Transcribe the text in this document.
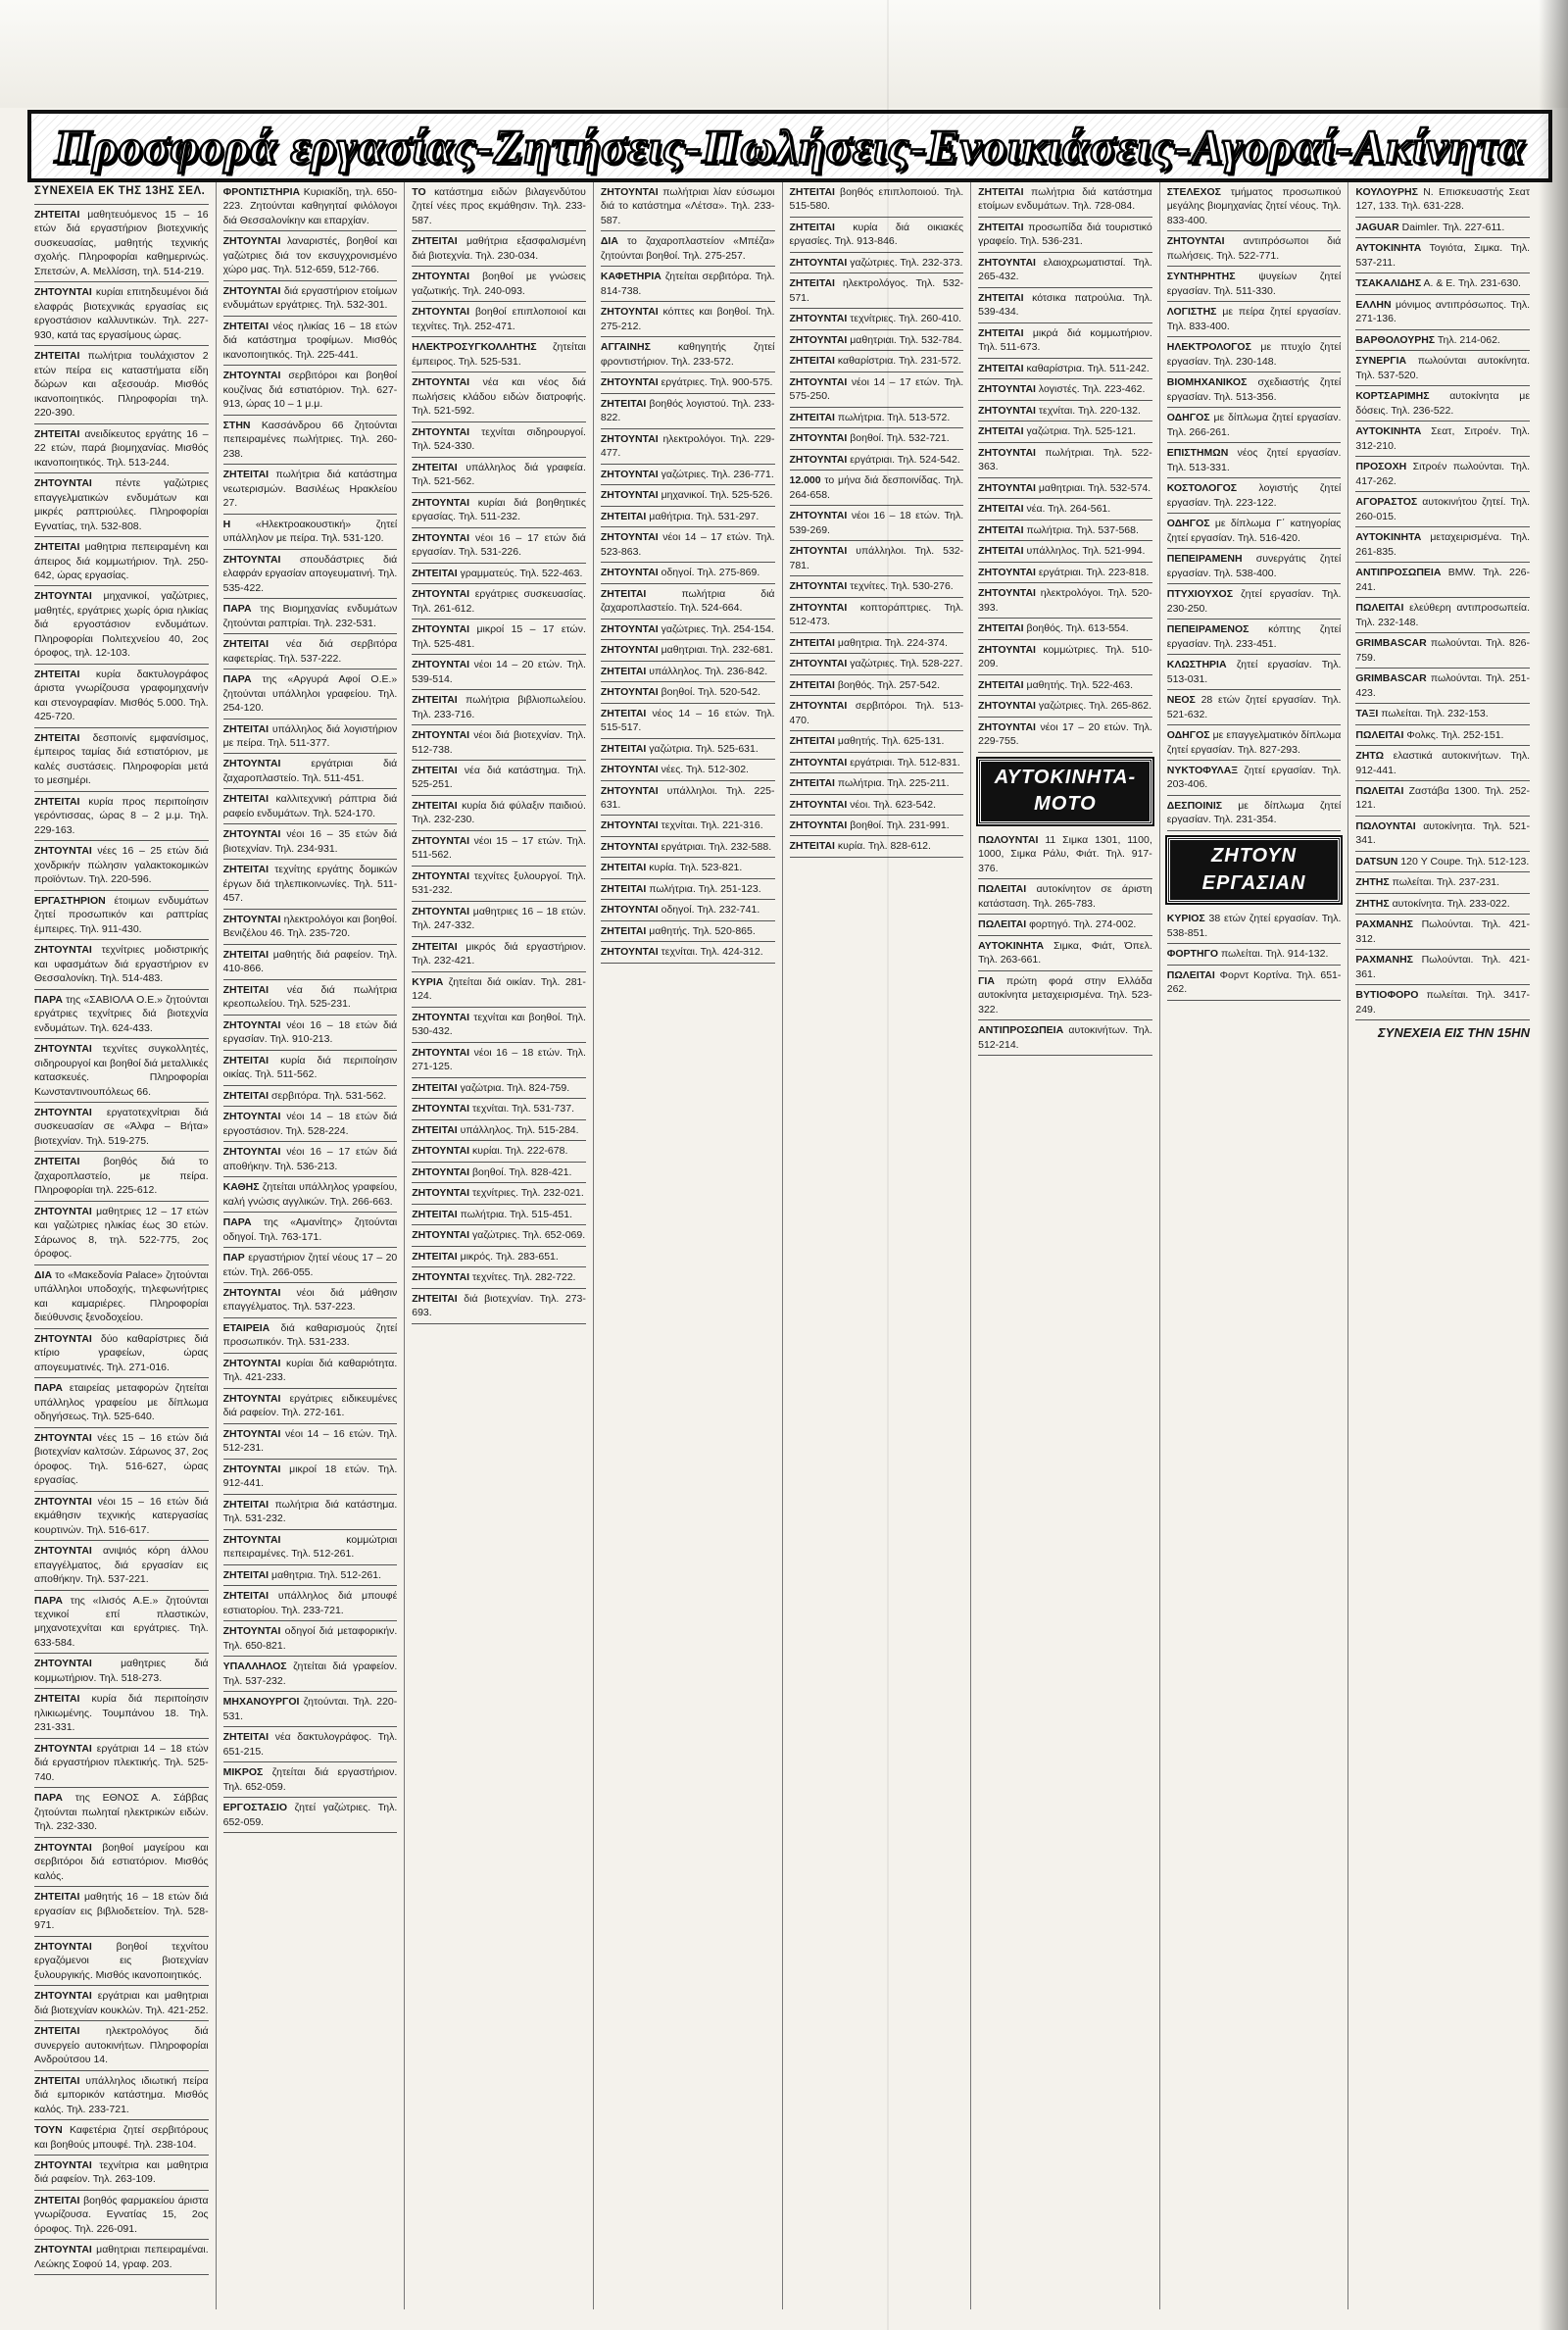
Προσφορά εργασίας-Ζητήσεις-Πωλήσεις-Ενοικιάσεις-Αγοραί-Ακίνητα
ΣΥΝΕΧΕΙΑ ΕΚ ΤΗΣ 13ΗΣ ΣΕΛ.

ΖΗΤΕΙΤΑΙ μαθητευόμενος 15 – 16 ετών διά εργαστήριον βιοτεχνικής συσκευασίας, μαθητής τεχνικής σχολής. Πληροφορίαι καθημερινώς. Σπετσών, Α. Μελλίσση, τηλ. 514-219.

ΖΗΤΟΥΝΤΑΙ κυρίαι επιτηδευμένοι διά ελαφράς βιοτεχνικάς εργασίας εις εργοστάσιον καλλυντικών. Τηλ. 227-930, κατά τας εργασίμους ώρας.

ΖΗΤΕΙΤΑΙ πωλήτρια τουλάχιστον 2 ετών πείρα εις καταστήματα είδη δώρων και αξεσουάρ. Μισθός ικανοποιητικός. Πληροφορίαι τηλ. 220-390.

ΖΗΤΕΙΤΑΙ ανειδίκευτος εργάτης 16 – 22 ετών, παρά βιομηχανίας. Μισθός ικανοποιητικός. Τηλ. 513-244.

ΖΗΤΟΥΝΤΑΙ πέντε γαζώτριες επαγγελματικών ενδυμάτων και μικρές ραπτριούλες. Πληροφορίαι Εγνατίας, τηλ. 532-808.

ΖΗΤΕΙΤΑΙ μαθητρια πεπειραμένη και άπειρος διά κομμωτήριον. Τηλ. 250-642, ώρας εργασίας.

ΖΗΤΟΥΝΤΑΙ μηχανικοί, γαζώτριες, μαθητές, εργάτριες χωρίς όρια ηλικίας διά εργοστάσιον ενδυμάτων. Πληροφορίαι Πολιτεχνείου 40, 2ος όροφος, τηλ. 12-103.

ΖΗΤΕΙΤΑΙ κυρία δακτυλογράφος άριστα γνωρίζουσα γραφομηχανήν και στενογραφίαν. Μισθός 5.000. Τηλ. 425-720.

ΖΗΤΕΙΤΑΙ δεσποινίς εμφανίσιμος, έμπειρος ταμίας διά εστιατόριον, με καλές συστάσεις. Πληροφορίαι μετά το μεσημέρι.

ΖΗΤΕΙΤΑΙ κυρία προς περιποίησιν γερόντισσας, ώρας 8 – 2 μ.μ. Τηλ. 229-163.

ΖΗΤΟΥΝΤΑΙ νέες 16 – 25 ετών διά χονδρικήν πώλησιν γαλακτοκομικών προϊόντων. Τηλ. 220-596.

ΕΡΓΑΣΤΗΡΙΟΝ έτοιμων ενδυμάτων ζητεί προσωπικόν και ραπτρίας έμπειρες. Τηλ. 911-430.

ΖΗΤΟΥΝΤΑΙ τεχνίτριες μοδιστρικής και υφασμάτων διά εργαστήριον εν Θεσσαλονίκη. Τηλ. 514-483.

ΠΑΡΑ της «ΣΑΒΙΟΛΑ Ο.Ε.» ζητούνται εργάτριες τεχνίτριες διά βιοτεχνία ενδυμάτων. Τηλ. 624-433.

ΖΗΤΟΥΝΤΑΙ τεχνίτες συγκολλητές, σιδηρουργοί και βοηθοί διά μεταλλικές κατασκευές. Πληροφορίαι Κωνσταντινουπόλεως 66.

ΖΗΤΟΥΝΤΑΙ εργατοτεχνίτριαι διά συσκευασίαν σε «Άλφα – Βήτα» βιοτεχνίαν. Τηλ. 519-275.

ΖΗΤΕΙΤΑΙ βοηθός διά το ζαχαροπλαστείο, με πείρα. Πληροφορίαι τηλ. 225-612.

ΖΗΤΟΥΝΤΑΙ μαθητριες 12 – 17 ετών και γαζώτριες ηλικίας έως 30 ετών. Σάρωνος 8, τηλ. 522-775, 2ος όροφος.

ΔΙΑ το «Μακεδονία Palace» ζητούνται υπάλληλοι υποδοχής, τηλεφωνήτριες και καμαριέρες. Πληροφορίαι διεύθυνσις ξενοδοχείου.

ΖΗΤΟΥΝΤΑΙ δύο καθαρίστριες διά κτίριο γραφείων, ώρας απογευματινές. Τηλ. 271-016.

ΠΑΡΑ εταιρείας μεταφορών ζητείται υπάλληλος γραφείου με δίπλωμα οδηγήσεως. Τηλ. 525-640.

ΖΗΤΟΥΝΤΑΙ νέες 15 – 16 ετών διά βιοτεχνίαν καλτσών. Σάρωνος 37, 2ος όροφος. Τηλ. 516-627, ώρας εργασίας.

ΖΗΤΟΥΝΤΑΙ νέοι 15 – 16 ετών διά εκμάθησιν τεχνικής κατεργασίας κουρτινών. Τηλ. 516-617.

ΖΗΤΟΥΝΤΑΙ ανιψιός κόρη άλλου επαγγέλματος, διά εργασίαν εις αποθήκην. Τηλ. 537-221.

ΠΑΡΑ της «Ιλισός Α.Ε.» ζητούνται τεχνικοί επί πλαστικών, μηχανοτεχνίται και εργάτριες. Τηλ. 633-584.

ΖΗΤΟΥΝΤΑΙ	μαθητριες διά κομμωτήριον. Τηλ. 518-273.

ΖΗΤΕΙΤΑΙ κυρία διά περιποίησιν ηλικιωμένης. Τουμπάνου 18. Τηλ. 231-331.

ΖΗΤΟΥΝΤΑΙ εργάτριαι 14 – 18 ετών διά εργαστήριον πλεκτικής. Τηλ. 525-740.

ΠΑΡΑ της ΕΘΝΟΣ Α. Σάββας ζητούνται πωληταί ηλεκτρικών ειδών. Τηλ. 232-330.

ΖΗΤΟΥΝΤΑΙ βοηθοί μαγείρου και σερβιτόροι διά εστιατόριον. Μισθός καλός.

ΖΗΤΕΙΤΑΙ μαθητής 16 – 18 ετών διά εργασίαν εις βιβλιοδετείον. Τηλ. 528-971.

ΖΗΤΟΥΝΤΑΙ βοηθοί τεχνίτου εργαζόμενοι εις βιοτεχνίαν ξυλουργικής. Μισθός ικανοποιητικός.

ΖΗΤΟΥΝΤΑΙ εργάτριαι και μαθητριαι διά βιοτεχνίαν κουκλών. Τηλ. 421-252.

ΖΗΤΕΙΤΑΙ	ηλεκτρολόγος διά συνεργείο αυτοκινήτων. Πληροφορίαι Ανδρούτσου 14.

ΖΗΤΕΙΤΑΙ υπάλληλος ιδιωτική πείρα διά εμπορικόν κατάστημα. Μισθός καλός. Τηλ. 233-721.

ΤΟΥΝ Καφετέρια ζητεί σερβιτόρους και βοηθούς μπουφέ. Τηλ. 238-104.

ΖΗΤΟΥΝΤΑΙ τεχνίτρια και μαθητρια διά ραφείον. Τηλ. 263-109.

ΖΗΤΕΙΤΑΙ βοηθός φαρμακείου άριστα γνωρίζουσα. Εγνατίας 15, 2ος όροφος. Τηλ. 226-091.

ΖΗΤΟΥΝΤΑΙ μαθητριαι πεπειραμέναι. Λεώκης Σοφού 14, γραφ. 203.

ΦΡΟΝΤΙΣΤΗΡΙΑ Κυριακίδη, τηλ. 650-223. Ζητούνται καθηγηταί φιλόλογοι διά Θεσσαλονίκην και επαρχίαν.

ΖΗΤΟΥΝΤΑΙ λαναριστές, βοηθοί και γαζώτριες διά τον εκσυγχρονισμένο χώρο μας. Τηλ. 512-659, 512-766.

ΖΗΤΟΥΝΤΑΙ διά εργαστήριον ετοίμων ενδυμάτων εργάτριες. Τηλ. 532-301.

ΖΗΤΕΙΤΑΙ νέος ηλικίας 16 – 18 ετών διά κατάστημα τροφίμων. Μισθός ικανοποιητικός. Τηλ. 225-441.

ΖΗΤΟΥΝΤΑΙ σερβιτόροι και βοηθοί κουζίνας διά εστιατόριον. Τηλ. 627-913, ώρας 10 – 1 μ.μ.

ΣΤΗΝ Κασσάνδρου 66 ζητούνται πεπειραμένες πωλήτριες. Τηλ. 260-238.

ΖΗΤΕΙΤΑΙ πωλήτρια διά κατάστημα νεωτερισμών. Βασιλέως Ηρακλείου 27.

Η «Ηλεκτροακουστική» ζητεί υπάλληλον με πείρα. Τηλ. 531-120.

ΖΗΤΟΥΝΤΑΙ σπουδάστριες διά ελαφράν εργασίαν απογευματινή. Τηλ. 535-422.

ΠΑΡΑ της Βιομηχανίας ενδυμάτων ζητούνται ραπτρίαι. Τηλ. 232-531.

ΖΗΤΕΙΤΑΙ νέα διά σερβιτόρα καφετερίας. Τηλ. 537-222.

ΠΑΡΑ της «Αργυρά Αφοί Ο.Ε.» ζητούνται υπάλληλοι γραφείου. Τηλ. 254-120.

ΖΗΤΕΙΤΑΙ υπάλληλος διά λογιστήριον με πείρα. Τηλ. 511-377.

ΖΗΤΟΥΝΤΑΙ	εργάτριαι διά ζαχαροπλαστείο. Τηλ. 511-451.

ΖΗΤΕΙΤΑΙ καλλιτεχνική ράπτρια διά ραφείο ενδυμάτων. Τηλ. 524-170.

ΖΗΤΟΥΝΤΑΙ νέοι 16 – 35 ετών διά βιοτεχνίαν. Τηλ. 234-931.

ΖΗΤΕΙΤΑΙ τεχνίτης εργάτης δομικών έργων διά τηλεπικοινωνίες. Τηλ. 511-457.

ΖΗΤΟΥΝΤΑΙ ηλεκτρολόγοι και βοηθοί. Βενιζέλου 46. Τηλ. 235-720.

ΖΗΤΕΙΤΑΙ μαθητής διά ραφείον. Τηλ. 410-866.

ΖΗΤΕΙΤΑΙ νέα διά πωλήτρια κρεοπωλείου. Τηλ. 525-231.

ΖΗΤΟΥΝΤΑΙ νέοι 16 – 18 ετών διά εργασίαν. Τηλ. 910-213.

ΖΗΤΕΙΤΑΙ κυρία διά περιποίησιν οικίας. Τηλ. 511-562.

ΖΗΤΕΙΤΑΙ σερβιτόρα. Τηλ. 531-562.

ΖΗΤΟΥΝΤΑΙ νέοι 14 – 18 ετών διά εργοστάσιον. Τηλ. 528-224.

ΖΗΤΟΥΝΤΑΙ νέοι 16 – 17 ετών διά αποθήκην. Τηλ. 536-213.

ΚΑΘΗΣ ζητείται υπάλληλος γραφείου, καλή γνώσις αγγλικών. Τηλ. 266-663.

ΠΑΡΑ της «Αμανίτης» ζητούνται οδηγοί. Τηλ. 763-171.

ΠΑΡ εργαστήριον ζητεί νέους 17 – 20 ετών. Τηλ. 266-055.

ΖΗΤΟΥΝΤΑΙ νέοι διά μάθησιν επαγγέλματος. Τηλ. 537-223.

ΕΤΑΙΡΕΙΑ διά καθαρισμούς ζητεί προσωπικόν. Τηλ. 531-233.

ΖΗΤΟΥΝΤΑΙ κυρίαι διά καθαριότητα. Τηλ. 421-233.

ΖΗΤΟΥΝΤΑΙ εργάτριες ειδικευμένες διά ραφείον. Τηλ. 272-161.

ΖΗΤΟΥΝΤΑΙ νέοι 14 – 16 ετών. Τηλ. 512-231.

ΖΗΤΟΥΝΤΑΙ μικροί 18 ετών. Τηλ. 912-441.

ΖΗΤΕΙΤΑΙ πωλήτρια διά κατάστημα. Τηλ. 531-232.

ΖΗΤΟΥΝΤΑΙ	κομμώτριαι πεπειραμένες. Τηλ. 512-261.

ΖΗΤΕΙΤΑΙ μαθητρια. Τηλ. 512-261.

ΖΗΤΕΙΤΑΙ υπάλληλος διά μπουφέ εστιατορίου. Τηλ. 233-721.

ΖΗΤΟΥΝΤΑΙ οδηγοί διά μεταφορικήν. Τηλ. 650-821.

ΥΠΑΛΛΗΛΟΣ ζητείται διά γραφείον. Τηλ. 537-232.

ΜΗΧΑΝΟΥΡΓΟΙ ζητούνται. Τηλ. 220-531.

ΖΗΤΕΙΤΑΙ νέα δακτυλογράφος. Τηλ. 651-215.

ΜΙΚΡΟΣ ζητείται διά εργαστήριον. Τηλ. 652-059.

ΕΡΓΟΣΤΑΣΙΟ ζητεί γαζώτριες. Τηλ. 652-059.

ΤΟ κατάστημα ειδών βιλαγενδύτου ζητεί νέες προς εκμάθησιν. Τηλ. 233-587.

ΖΗΤΕΙΤΑΙ μαθήτρια εξασφαλισμένη διά βιοτεχνία. Τηλ. 230-034.

ΖΗΤΟΥΝΤΑΙ βοηθοί με γνώσεις γαζωτικής. Τηλ. 240-093.

ΖΗΤΟΥΝΤΑΙ βοηθοί επιπλοποιοί και τεχνίτες. Τηλ. 252-471.

ΗΛΕΚΤΡΟΣΥΓΚΟΛΛΗΤΗΣ ζητείται έμπειρος. Τηλ. 525-531.

ΖΗΤΟΥΝΤΑΙ νέα και νέος διά πωλήσεις κλάδου ειδών διατροφής. Τηλ. 521-592.

ΖΗΤΟΥΝΤΑΙ τεχνίται σιδηρουργοί. Τηλ. 524-330.

ΖΗΤΕΙΤΑΙ υπάλληλος διά γραφεία. Τηλ. 521-562.

ΖΗΤΟΥΝΤΑΙ κυρίαι διά βοηθητικές εργασίας. Τηλ. 511-232.

ΖΗΤΟΥΝΤΑΙ νέοι 16 – 17 ετών διά εργασίαν. Τηλ. 531-226.

ΖΗΤΕΙΤΑΙ γραμματεύς. Τηλ. 522-463.

ΖΗΤΟΥΝΤΑΙ εργάτριες συσκευασίας. Τηλ. 261-612.

ΖΗΤΟΥΝΤΑΙ μικροί 15 – 17 ετών. Τηλ. 525-481.

ΖΗΤΟΥΝΤΑΙ νέοι 14 – 20 ετών. Τηλ. 539-514.

ΖΗΤΕΙΤΑΙ πωλήτρια βιβλιοπωλείου. Τηλ. 233-716.

ΖΗΤΟΥΝΤΑΙ νέοι διά βιοτεχνίαν. Τηλ. 512-738.

ΖΗΤΕΙΤΑΙ νέα διά κατάστημα. Τηλ. 525-251.

ΖΗΤΕΙΤΑΙ κυρία διά φύλαξιν παιδιού. Τηλ. 232-230.

ΖΗΤΟΥΝΤΑΙ νέοι 15 – 17 ετών. Τηλ. 511-562.

ΖΗΤΟΥΝΤΑΙ τεχνίτες ξυλουργοί. Τηλ. 531-232.

ΖΗΤΟΥΝΤΑΙ μαθητριες 16 – 18 ετών. Τηλ. 247-332.

ΖΗΤΕΙΤΑΙ μικρός διά εργαστήριον. Τηλ. 232-421.

ΚΥΡΙΑ ζητείται διά οικίαν. Τηλ. 281-124.

ΖΗΤΟΥΝΤΑΙ τεχνίται και βοηθοί. Τηλ. 530-432.

ΖΗΤΟΥΝΤΑΙ νέοι 16 – 18 ετών. Τηλ. 271-125.

ΖΗΤΕΙΤΑΙ γαζώτρια. Τηλ. 824-759.

ΖΗΤΟΥΝΤΑΙ τεχνίται. Τηλ. 531-737.

ΖΗΤΕΙΤΑΙ υπάλληλος. Τηλ. 515-284.

ΖΗΤΟΥΝΤΑΙ κυρίαι. Τηλ. 222-678.

ΖΗΤΟΥΝΤΑΙ βοηθοί. Τηλ. 828-421.

ΖΗΤΟΥΝΤΑΙ τεχνίτριες. Τηλ. 232-021.

ΖΗΤΕΙΤΑΙ πωλήτρια. Τηλ. 515-451.

ΖΗΤΟΥΝΤΑΙ γαζώτριες. Τηλ. 652-069.

ΖΗΤΕΙΤΑΙ μικρός. Τηλ. 283-651.

ΖΗΤΟΥΝΤΑΙ τεχνίτες. Τηλ. 282-722.

ΖΗΤΕΙΤΑΙ διά βιοτεχνίαν. Τηλ. 273-693.

ΖΗΤΟΥΝΤΑΙ πωλήτριαι λίαν εύσωμοι διά το κατάστημα «Λέτσα». Τηλ. 233-587.

ΔΙΑ το ζαχαροπλαστείον «Μπέζα» ζητούνται βοηθοί. Τηλ. 275-257.

ΚΑΦΕΤΗΡΙΑ ζητείται σερβιτόρα. Τηλ. 814-738.

ΖΗΤΟΥΝΤΑΙ κόπτες και βοηθοί. Τηλ. 275-212.

ΑΓΓΑΙΝΗΣ	καθηγητής ζητεί φροντιστήριον. Τηλ. 233-572.

ΖΗΤΟΥΝΤΑΙ εργάτριες. Τηλ. 900-575.

ΖΗΤΕΙΤΑΙ βοηθός λογιστού. Τηλ. 233-822.

ΖΗΤΟΥΝΤΑΙ ηλεκτρολόγοι. Τηλ. 229-477.

ΖΗΤΟΥΝΤΑΙ γαζώτριες. Τηλ. 236-771.

ΖΗΤΟΥΝΤΑΙ μηχανικοί. Τηλ. 525-526.

ΖΗΤΕΙΤΑΙ μαθήτρια. Τηλ. 531-297.

ΖΗΤΟΥΝΤΑΙ νέοι 14 – 17 ετών. Τηλ. 523-863.

ΖΗΤΟΥΝΤΑΙ οδηγοί. Τηλ. 275-869.

ΖΗΤΕΙΤΑΙ	πωλήτρια διά ζαχαροπλαστείο. Τηλ. 524-664.

ΖΗΤΟΥΝΤΑΙ γαζώτριες. Τηλ. 254-154.

ΖΗΤΟΥΝΤΑΙ μαθητριαι. Τηλ. 232-681.

ΖΗΤΕΙΤΑΙ υπάλληλος. Τηλ. 236-842.

ΖΗΤΟΥΝΤΑΙ βοηθοί. Τηλ. 520-542.

ΖΗΤΕΙΤΑΙ νέος 14 – 16 ετών. Τηλ. 515-517.

ΖΗΤΕΙΤΑΙ γαζώτρια. Τηλ. 525-631.

ΖΗΤΟΥΝΤΑΙ νέες. Τηλ. 512-302.

ΖΗΤΟΥΝΤΑΙ υπάλληλοι. Τηλ. 225-631.

ΖΗΤΟΥΝΤΑΙ τεχνίται. Τηλ. 221-316.

ΖΗΤΟΥΝΤΑΙ εργάτριαι. Τηλ. 232-588.

ΖΗΤΕΙΤΑΙ κυρία. Τηλ. 523-821.

ΖΗΤΕΙΤΑΙ πωλήτρια. Τηλ. 251-123.

ΖΗΤΟΥΝΤΑΙ οδηγοί. Τηλ. 232-741.

ΖΗΤΕΙΤΑΙ μαθητής. Τηλ. 520-865.

ΖΗΤΟΥΝΤΑΙ τεχνίται. Τηλ. 424-312.

ΖΗΤΕΙΤΑΙ βοηθός επιπλοποιού. Τηλ. 515-580.

ΖΗΤΕΙΤΑΙ κυρία διά οικιακές εργασίες. Τηλ. 913-846.

ΖΗΤΟΥΝΤΑΙ γαζώτριες. Τηλ. 232-373.

ΖΗΤΕΙΤΑΙ ηλεκτρολόγος. Τηλ. 532-571.

ΖΗΤΟΥΝΤΑΙ τεχνίτριες. Τηλ. 260-410.

ΖΗΤΟΥΝΤΑΙ μαθητριαι. Τηλ. 532-784.

ΖΗΤΕΙΤΑΙ καθαρίστρια. Τηλ. 231-572.

ΖΗΤΟΥΝΤΑΙ νέοι 14 – 17 ετών. Τηλ. 575-250.

ΖΗΤΕΙΤΑΙ πωλήτρια. Τηλ. 513-572.

ΖΗΤΟΥΝΤΑΙ βοηθοί. Τηλ. 532-721.

ΖΗΤΟΥΝΤΑΙ εργάτριαι. Τηλ. 524-542.

12.000 το μήνα διά δεσποινίδας. Τηλ. 264-658.

ΖΗΤΟΥΝΤΑΙ νέοι 16 – 18 ετών. Τηλ. 539-269.

ΖΗΤΟΥΝΤΑΙ υπάλληλοι. Τηλ. 532-781.

ΖΗΤΟΥΝΤΑΙ τεχνίτες. Τηλ. 530-276.

ΖΗΤΟΥΝΤΑΙ κοπτοράπτριες. Τηλ. 512-473.

ΖΗΤΕΙΤΑΙ μαθητρια. Τηλ. 224-374.

ΖΗΤΟΥΝΤΑΙ γαζώτριες. Τηλ. 528-227.

ΖΗΤΕΙΤΑΙ βοηθός. Τηλ. 257-542.

ΖΗΤΟΥΝΤΑΙ σερβιτόροι. Τηλ. 513-470.

ΖΗΤΕΙΤΑΙ μαθητής. Τηλ. 625-131.

ΖΗΤΟΥΝΤΑΙ εργάτριαι. Τηλ. 512-831.

ΖΗΤΕΙΤΑΙ πωλήτρια. Τηλ. 225-211.

ΖΗΤΟΥΝΤΑΙ νέοι. Τηλ. 623-542.

ΖΗΤΟΥΝΤΑΙ βοηθοί. Τηλ. 231-991.

ΖΗΤΕΙΤΑΙ κυρία. Τηλ. 828-612.

ΖΗΤΕΙΤΑΙ πωλήτρια διά κατάστημα ετοίμων ενδυμάτων. Τηλ. 728-084.

ΖΗΤΕΙΤΑΙ προσωπίδα διά τουριστικό γραφείο. Τηλ. 536-231.

ΖΗΤΟΥΝΤΑΙ ελαιοχρωματισταί. Τηλ. 265-432.

ΖΗΤΕΙΤΑΙ κότσικα πατρούλια. Τηλ. 539-434.

ΖΗΤΕΙΤΑΙ μικρά διά κομμωτήριον. Τηλ. 511-673.

ΖΗΤΕΙΤΑΙ καθαρίστρια. Τηλ. 511-242.

ΖΗΤΟΥΝΤΑΙ λογιστές. Τηλ. 223-462.

ΖΗΤΟΥΝΤΑΙ τεχνίται. Τηλ. 220-132.

ΖΗΤΕΙΤΑΙ γαζώτρια. Τηλ. 525-121.

ΖΗΤΟΥΝΤΑΙ πωλήτριαι. Τηλ. 522-363.

ΖΗΤΟΥΝΤΑΙ μαθητριαι. Τηλ. 532-574.

ΖΗΤΕΙΤΑΙ νέα. Τηλ. 264-561.

ΖΗΤΕΙΤΑΙ πωλήτρια. Τηλ. 537-568.

ΖΗΤΕΙΤΑΙ υπάλληλος. Τηλ. 521-994.

ΖΗΤΟΥΝΤΑΙ εργάτριαι. Τηλ. 223-818.

ΖΗΤΟΥΝΤΑΙ ηλεκτρολόγοι. Τηλ. 520-393.

ΖΗΤΕΙΤΑΙ βοηθός. Τηλ. 613-554.

ΖΗΤΟΥΝΤΑΙ κομμώτριες. Τηλ. 510-209.

ΖΗΤΕΙΤΑΙ μαθητής. Τηλ. 522-463.

ΖΗΤΟΥΝΤΑΙ γαζώτριες. Τηλ. 265-862.

ΖΗΤΟΥΝΤΑΙ νέοι 17 – 20 ετών. Τηλ. 229-755.

ΑΥΤΟΚΙΝΗΤΑ-ΜΟΤΟ

ΠΩΛΟΥΝΤΑΙ 11 Σιμκα 1301, 1100, 1000, Σιμκα Ράλυ, Φιάτ. Τηλ. 917-376.

ΠΩΛΕΙΤΑΙ αυτοκίνητον σε άριστη κατάσταση. Τηλ. 265-783.

ΠΩΛΕΙΤΑΙ φορτηγό. Τηλ. 274-002.

ΑΥΤΟΚΙΝΗΤΑ Σιμκα, Φιάτ, Όπελ. Τηλ. 263-661.

ΓΙΑ πρώτη φορά στην Ελλάδα αυτοκίνητα μεταχειρισμένα. Τηλ. 523-322.

ΑΝΤΙΠΡΟΣΩΠΕΙΑ αυτοκινήτων. Τηλ. 512-214.

ΣΤΕΛΕΧΟΣ τμήματος προσωπικού μεγάλης βιομηχανίας ζητεί νέους. Τηλ. 833-400.

ΖΗΤΟΥΝΤΑΙ αντιπρόσωποι διά πωλήσεις. Τηλ. 522-771.

ΣΥΝΤΗΡΗΤΗΣ ψυγείων ζητεί εργασίαν. Τηλ. 511-330.

ΛΟΓΙΣΤΗΣ με πείρα ζητεί εργασίαν. Τηλ. 833-400.

ΗΛΕΚΤΡΟΛΟΓΟΣ με πτυχίο ζητεί εργασίαν. Τηλ. 230-148.

ΒΙΟΜΗΧΑΝΙΚΟΣ σχεδιαστής ζητεί εργασίαν. Τηλ. 513-356.

ΟΔΗΓΟΣ με δίπλωμα ζητεί εργασίαν. Τηλ. 266-261.

ΕΠΙΣΤΗΜΩΝ νέος ζητεί εργασίαν. Τηλ. 513-331.

ΚΟΣΤΟΛΟΓΟΣ λογιστής ζητεί εργασίαν. Τηλ. 223-122.

ΟΔΗΓΟΣ με δίπλωμα Γ΄ κατηγορίας ζητεί εργασίαν. Τηλ. 516-420.

ΠΕΠΕΙΡΑΜΕΝΗ συνεργάτις ζητεί εργασίαν. Τηλ. 538-400.

ΠΤΥΧΙΟΥΧΟΣ ζητεί εργασίαν. Τηλ. 230-250.

ΠΕΠΕΙΡΑΜΕΝΟΣ κόπτης ζητεί εργασίαν. Τηλ. 233-451.

ΚΛΩΣΤΗΡΙΑ ζητεί εργασίαν. Τηλ. 513-031.

ΝΕΟΣ 28 ετών ζητεί εργασίαν. Τηλ. 521-632.

ΟΔΗΓΟΣ με επαγγελματικόν δίπλωμα ζητεί εργασίαν. Τηλ. 827-293.

ΝΥΚΤΟΦΥΛΑΞ ζητεί εργασίαν. Τηλ. 203-406.

ΔΕΣΠΟΙΝΙΣ με δίπλωμα ζητεί εργασίαν. Τηλ. 231-354.

ΖΗΤΟΥΝ ΕΡΓΑΣΙΑΝ

ΚΥΡΙΟΣ 38 ετών ζητεί εργασίαν. Τηλ. 538-851.

ΦΟΡΤΗΓΟ πωλείται. Τηλ. 914-132.

ΠΩΛΕΙΤΑΙ Φορντ Κορτίνα. Τηλ. 651-262.

ΚΟΥΛΟΥΡΗΣ Ν. Επισκευαστής Σεατ 127, 133. Τηλ. 631-228.

JAGUAR Daimler. Τηλ. 227-611.

ΑΥΤΟΚΙΝΗΤΑ Τογιότα, Σιμκα. Τηλ. 537-211.

ΤΣΑΚΑΛΙΔΗΣ Α. & Ε. Τηλ. 231-630.

ΕΛΛΗΝ μόνιμος αντιπρόσωπος. Τηλ. 271-136.

ΒΑΡΘΟΛΟΥΡΗΣ Τηλ. 214-062.

ΣΥΝΕΡΓΙΑ πωλούνται αυτοκίνητα. Τηλ. 537-520.

ΚΟΡΤΣΑΡΙΜΗΣ αυτοκίνητα με δόσεις. Τηλ. 236-522.

ΑΥΤΟΚΙΝΗΤΑ Σεατ, Σιτροέν. Τηλ. 312-210.

ΠΡΟΣΟΧΗ Σιτροέν πωλούνται. Τηλ. 417-262.

ΑΓΟΡΑΣΤΟΣ αυτοκινήτου ζητεί. Τηλ. 260-015.

ΑΥΤΟΚΙΝΗΤΑ μεταχειρισμένα. Τηλ. 261-835.

ΑΝΤΙΠΡΟΣΩΠΕΙΑ BMW. Τηλ. 226-241.

ΠΩΛΕΙΤΑΙ ελεύθερη αντιπροσωπεία. Τηλ. 232-148.

GRIMBASCAR πωλούνται. Τηλ. 826-759.

GRIMBASCAR πωλούνται. Τηλ. 251-423.

ΤΑΞΙ πωλείται. Τηλ. 232-153.

ΠΩΛΕΙΤΑΙ Φολκς. Τηλ. 252-151.

ΖΗΤΩ ελαστικά αυτοκινήτων. Τηλ. 912-441.

ΠΩΛΕΙΤΑΙ Ζαστάβα 1300. Τηλ. 252-121.

ΠΩΛΟΥΝΤΑΙ αυτοκίνητα. Τηλ. 521-341.

DATSUN 120 Υ Coupe. Τηλ. 512-123.

ΖΗΤΗΣ πωλείται. Τηλ. 237-231.

ΖΗΤΗΣ αυτοκίνητα. Τηλ. 233-022.

ΡΑΧΜΑΝΗΣ Πωλούνται. Τηλ. 421-312.

ΡΑΧΜΑΝΗΣ Πωλούνται. Τηλ. 421-361.

ΒΥΤΙΟΦΟΡΟ πωλείται. Τηλ. 3417-249.

ΣΥΝΕΧΕΙΑ ΕΙΣ ΤΗΝ 15ΗΝ
